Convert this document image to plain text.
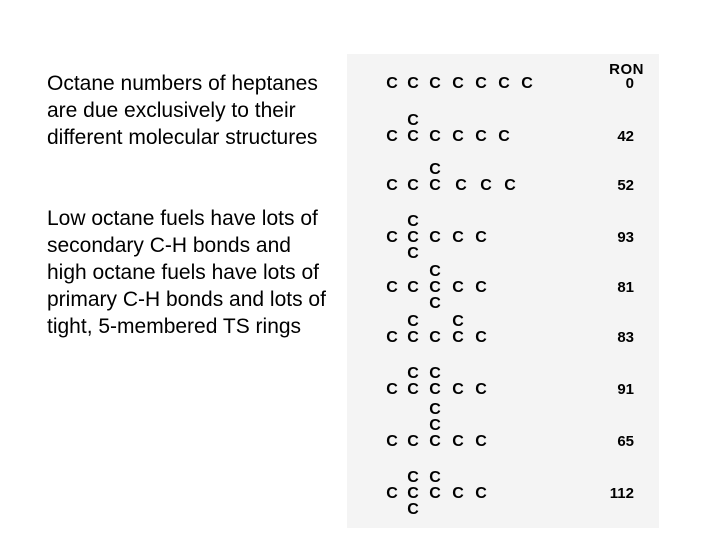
Octane numbers of heptanes are due exclusively to their different molecular structures

Low octane fuels have lots of secondary C-H bonds and high octane fuels have lots of primary C-H bonds and lots of tight, 5-membered TS rings

RON
C C C C C C C	0
C C C C C C
C
42
C C C C C C
C
52
C C C C C
C
C
93
C C C C C
C
C
81
C C C C C
C C
83
C C C C C
C C
91
C C C C C
C
C
65
C C C C C
C C
C
112
